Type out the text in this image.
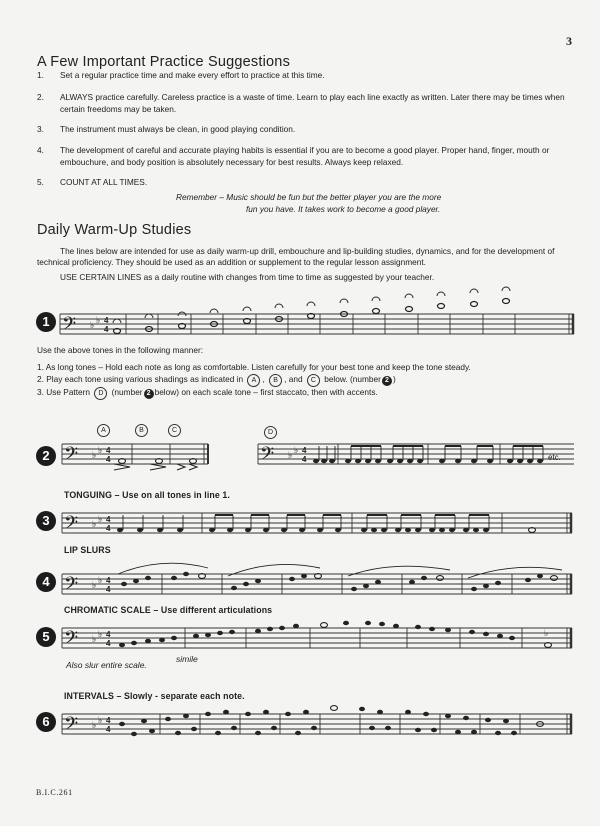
3
A Few Important Practice Suggestions
1. Set a regular practice time and make every effort to practice at this time.
2. ALWAYS practice carefully. Careless practice is a waste of time. Learn to play each line exactly as written. Later there may be times when certain freedoms may be taken.
3. The instrument must always be clean, in good playing condition.
4. The development of careful and accurate playing habits is essential if you are to become a good player. Proper hand, finger, mouth or embouchure, and body position is absolutely necessary for best results. Always keep relaxed.
5. COUNT AT ALL TIMES.
Remember – Music should be fun but the better player you are the more
fun you have. It takes work to become a good player.
Daily Warm-Up Studies
The lines below are intended for use as daily warm-up drill, embouchure and lip-building studies, dynamics, and for the development of technical proficiency. They should be used as an addition or supplement to the regular lesson assignment.
USE CERTAIN LINES as a daily routine with changes from time to time as suggested by your teacher.
1 𝄢 ♭ ♭ 4
4
Use the above tones in the following manner:
1. As long tones – Hold each note as long as comfortable. Listen carefully for your best tone and keep the tone steady.
2. Play each tone using various shadings as indicated in A , B , and C below. (number 2 )
3. Use Pattern D (number 2 below) on each scale tone – first staccato, then with accents.
2
A	B	C	D
𝄢 ♭ ♭ 4
4	𝄢 ♭ ♭ 4
4	etc.
TONGUING – Use on all tones in line 1.
3 𝄢 ♭ ♭ 4
4
LIP SLURS
4 𝄢 ♭ ♭ 4
4
CHROMATIC SCALE – Use different articulations
5 𝄢 ♭ ♭ 4
4
♭
Also slur entire scale.
simile
INTERVALS – Slowly - separate each note.
6 𝄢 ♭ ♭ 4
4
B.I.C.261
